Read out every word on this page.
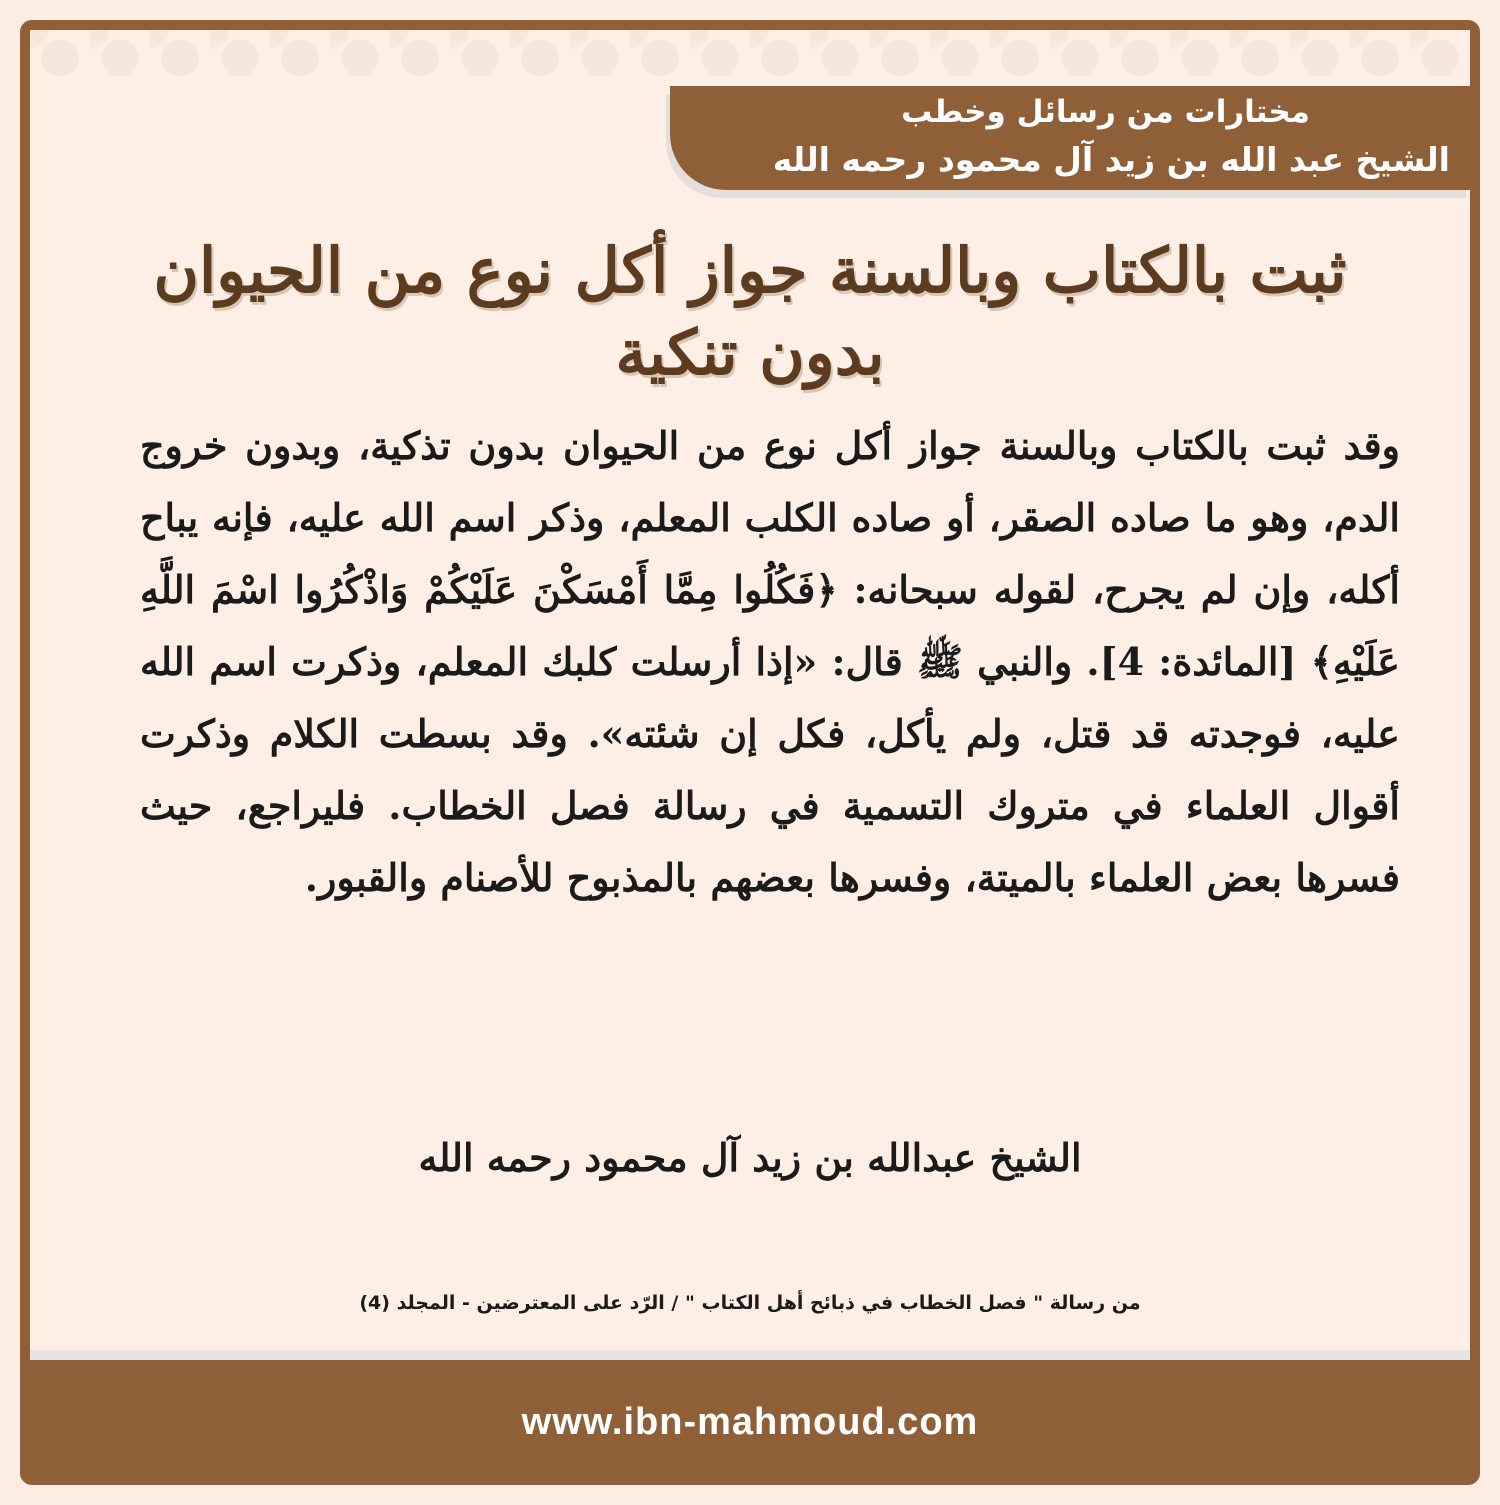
مختارات من رسائل وخطب
الشيخ عبد الله بن زيد آل محمود رحمه الله
ثبت بالكتاب وبالسنة جواز أكل نوع من الحيوان بدون تنكية

وقد ثبت بالكتاب وبالسنة جواز أكل نوع من الحيوان بدون تذكية، وبدون خروج الدم، وهو ما صاده الصقر، أو صاده الكلب المعلم، وذكر اسم الله عليه، فإنه يباح أكله، وإن لم يجرح، لقوله سبحانه: ﴿فَكُلُوا مِمَّا أَمْسَكْنَ عَلَيْكُمْ وَاذْكُرُوا اسْمَ اللَّهِ عَلَيْهِ﴾ [المائدة: 4]. والنبي ﷺ قال: «إذا أرسلت كلبك المعلم، وذكرت اسم الله عليه، فوجدته قد قتل، ولم يأكل، فكل إن شئته». وقد بسطت الكلام وذكرت أقوال العلماء في متروك التسمية في رسالة فصل الخطاب. فليراجع، حيث فسرها بعض العلماء بالميتة، وفسرها بعضهم بالمذبوح للأصنام والقبور.

الشيخ عبدالله بن زيد آل محمود رحمه الله
من رسالة " فصل الخطاب في ذبائح أهل الكتاب " / الرّد على المعترضين - المجلد (4)
www.ibn-mahmoud.com
